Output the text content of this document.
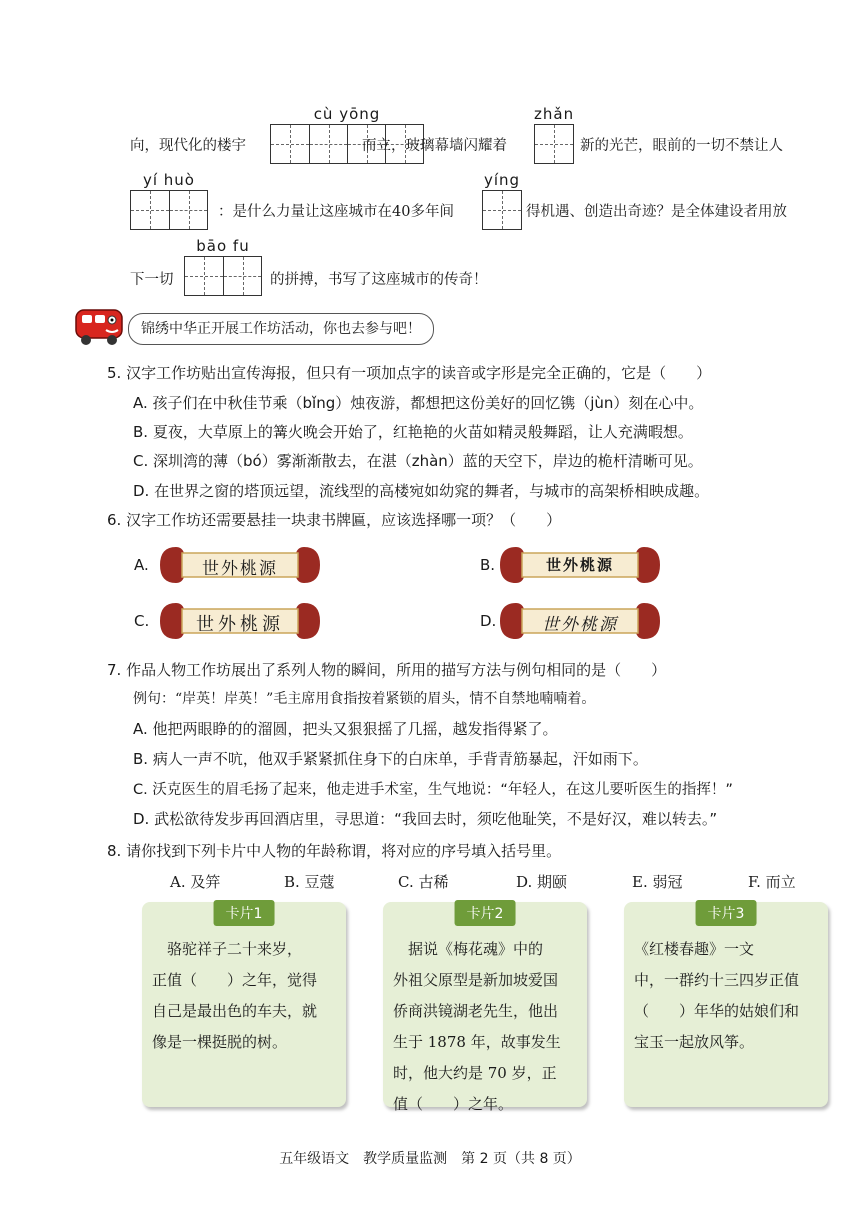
向，现代化的楼宇
cù yōng
而立，玻璃幕墙闪耀着
zhǎn
新的光芒，眼前的一切不禁让人
yí huò
：是什么力量让这座城市在40多年间
yíng
得机遇、创造出奇迹？是全体建设者用放
下一切
bāo fu
的拼搏，书写了这座城市的传奇！
锦绣中华正开展工作坊活动，你也去参与吧！
5. 汉字工作坊贴出宣传海报，但只有一项加点字的读音或字形是完全正确的，它是（　　）
A. 孩子们在中秋佳节乘（bǐng）烛夜游，都想把这份美好的回忆镌（jùn）刻在心中。
B. 夏夜，大草原上的篝火晚会开始了，红艳艳的火苗如精灵般舞蹈，让人充满暇想。
C. 深圳湾的薄（bó）雾渐渐散去，在湛（zhàn）蓝的天空下，岸边的桅杆清晰可见。
D. 在世界之窗的塔顶远望，流线型的高楼宛如幼窕的舞者，与城市的高架桥相映成趣。
6. 汉字工作坊还需要悬挂一块隶书牌匾，应该选择哪一项？（　　）
A.	世外桃源	B.	世外桃源
C.	世外桃源	D.	世外桃源
7. 作品人物工作坊展出了系列人物的瞬间，所用的描写方法与例句相同的是（　　）
例句：“岸英！岸英！”毛主席用食指按着紧锁的眉头，情不自禁地喃喃着。
A. 他把两眼睁的的溜圆，把头又狠狠摇了几摇，越发指得紧了。
B. 病人一声不吭，他双手紧紧抓住身下的白床单，手背青筋暴起，汗如雨下。
C. 沃克医生的眉毛扬了起来，他走进手术室，生气地说：“年轻人，在这儿要听医生的指挥！”
D. 武松欲待发步再回酒店里，寻思道：“我回去时，须吃他耻笑，不是好汉，难以转去。”
8. 请你找到下列卡片中人物的年龄称谓，将对应的序号填入括号里。
A. 及笄	B. 豆蔻	C. 古稀	D. 期颐	E. 弱冠	F. 而立
卡片1
　骆驼祥子二十来岁，
正值（　　）之年，觉得
自己是最出色的车夫，就
像是一棵挺脱的树。
卡片2
　据说《梅花魂》中的
外祖父原型是新加坡爱国
侨商洪镜湖老先生，他出
生于 1878 年，故事发生
时，他大约是 70 岁，正
值（　　）之年。
卡片3
《红楼春趣》一文
中，一群约十三四岁正值
（　　）年华的姑娘们和
宝玉一起放风筝。
五年级语文　教学质量监测　第 2 页（共 8 页）
